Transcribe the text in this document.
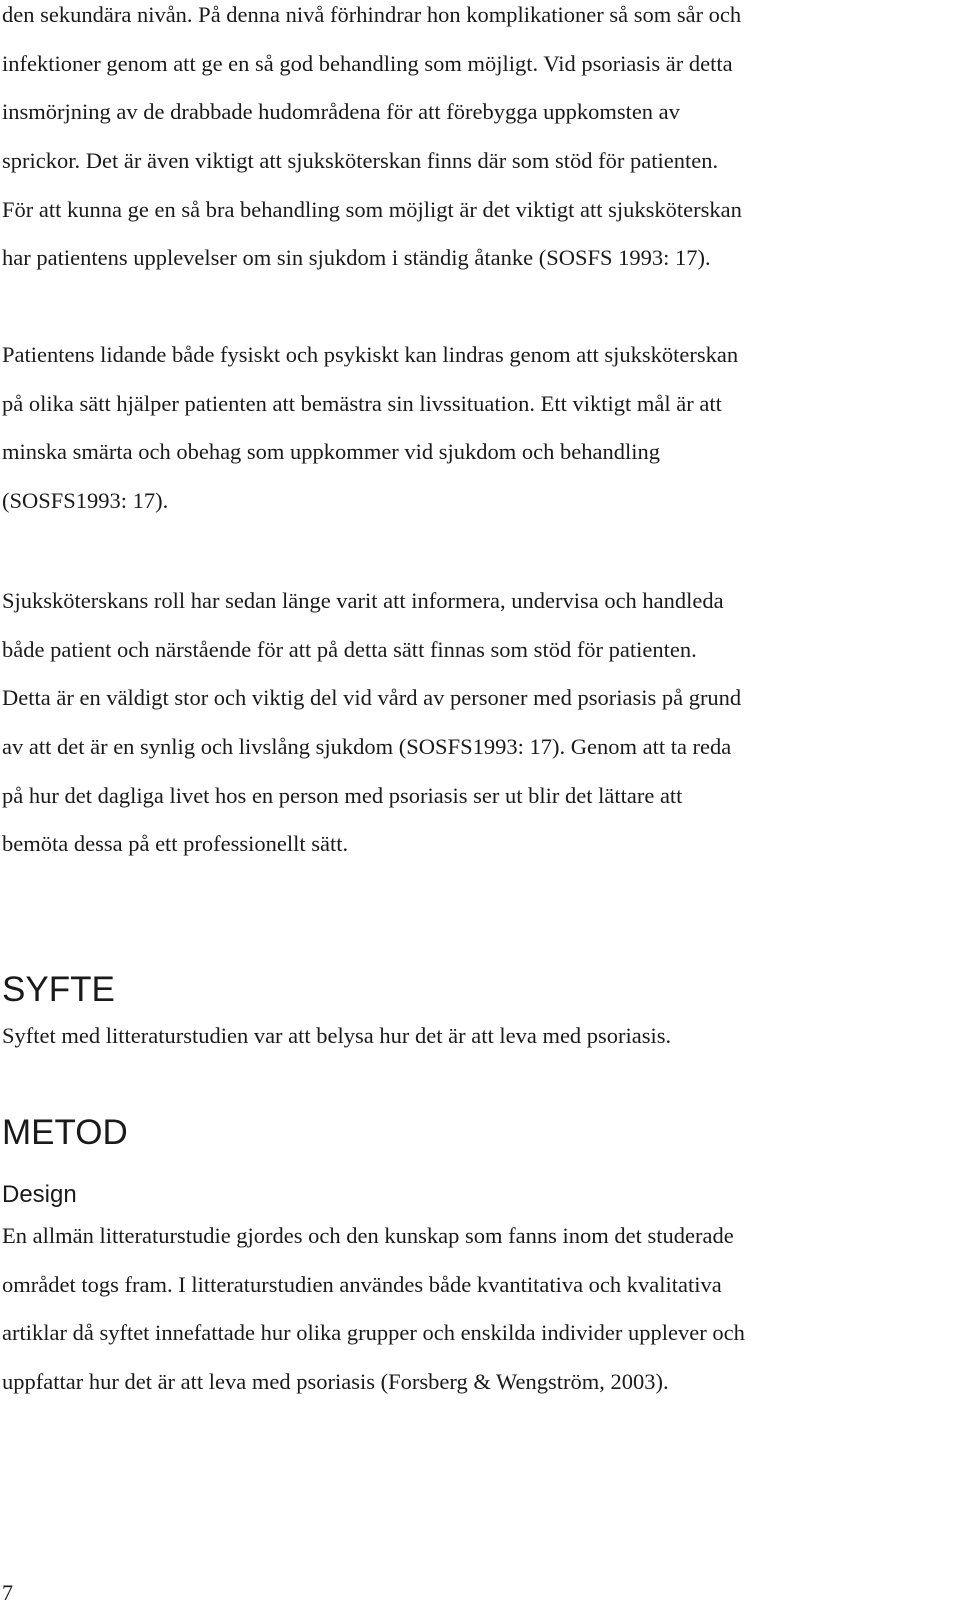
den sekundära nivån. På denna nivå förhindrar hon komplikationer så som sår och
infektioner genom att ge en så god behandling som möjligt. Vid psoriasis är detta
insmörjning av de drabbade hudområdena för att förebygga uppkomsten av
sprickor. Det är även viktigt att sjuksköterskan finns där som stöd för patienten.
För att kunna ge en så bra behandling som möjligt är det viktigt att sjuksköterskan
har patientens upplevelser om sin sjukdom i ständig åtanke (SOSFS 1993: 17).

Patientens lidande både fysiskt och psykiskt kan lindras genom att sjuksköterskan
på olika sätt hjälper patienten att bemästra sin livssituation. Ett viktigt mål är att
minska smärta och obehag som uppkommer vid sjukdom och behandling
(SOSFS1993: 17).

Sjuksköterskans roll har sedan länge varit att informera, undervisa och handleda
både patient och närstående för att på detta sätt finnas som stöd för patienten.
Detta är en väldigt stor och viktig del vid vård av personer med psoriasis på grund
av att det är en synlig och livslång sjukdom (SOSFS1993: 17). Genom att ta reda
på hur det dagliga livet hos en person med psoriasis ser ut blir det lättare att
bemöta dessa på ett professionellt sätt.

SYFTE

Syftet med litteraturstudien var att belysa hur det är att leva med psoriasis.

METOD
Design

En allmän litteraturstudie gjordes och den kunskap som fanns inom det studerade
området togs fram. I litteraturstudien användes både kvantitativa och kvalitativa
artiklar då syftet innefattade hur olika grupper och enskilda individer upplever och
uppfattar hur det är att leva med psoriasis (Forsberg & Wengström, 2003).

7
